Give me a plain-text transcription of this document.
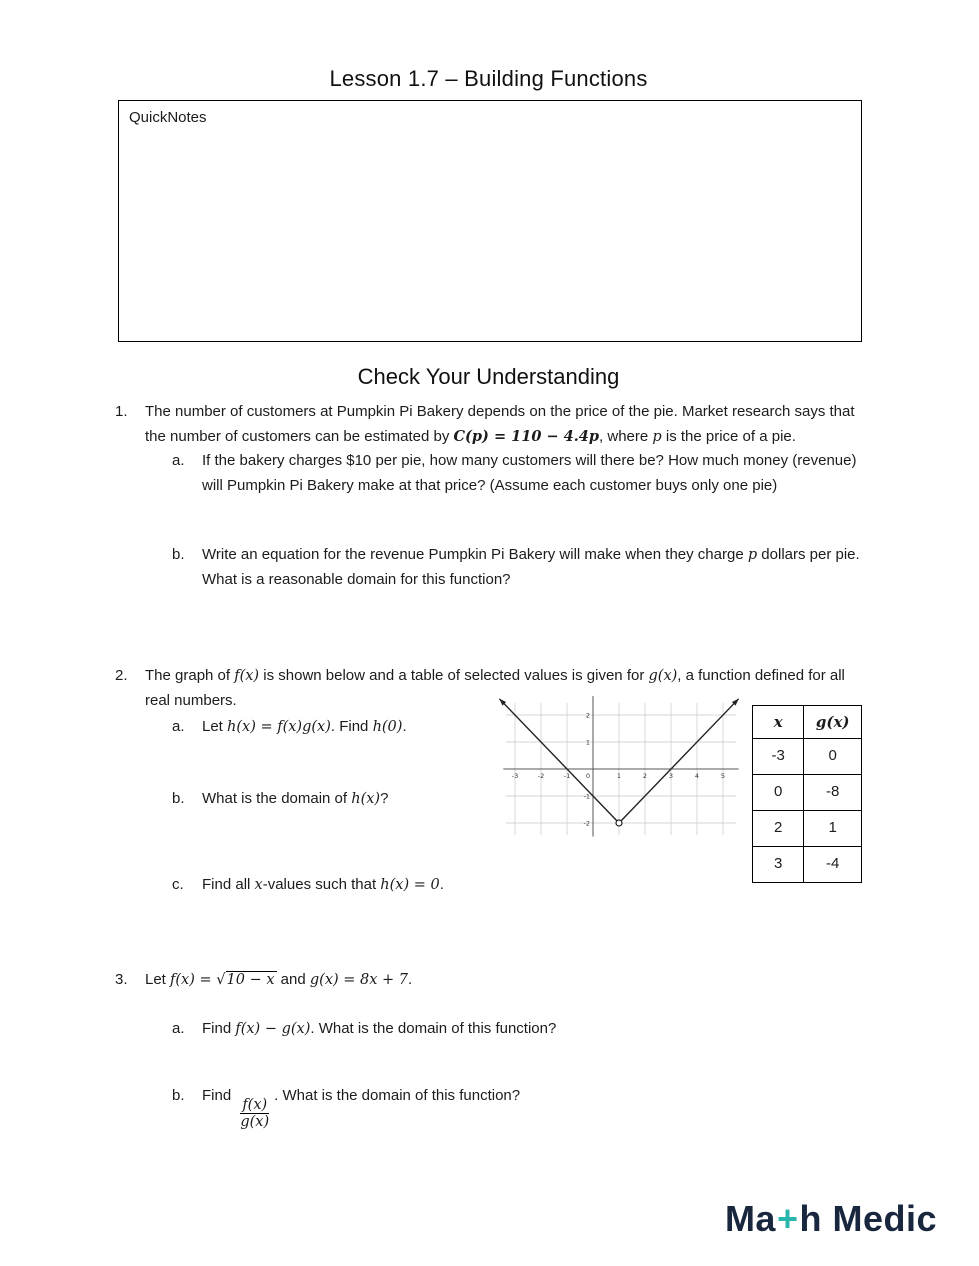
Lesson 1.7 – Building Functions
QuickNotes
Check Your Understanding
1.	The number of customers at Pumpkin Pi Bakery depends on the price of the pie. Market research says that the number of customers can be estimated by C(p) = 110 − 4.4p, where p is the price of a pie.

a.	If the bakery charges $10 per pie, how many customers will there be? How much money (revenue) will Pumpkin Pi Bakery make at that price? (Assume each customer buys only one pie)

b.	Write an equation for the revenue Pumpkin Pi Bakery will make when they charge p dollars per pie. What is a reasonable domain for this function?

2.	The graph of f(x) is shown below and a table of selected values is given for g(x), a function defined for all real numbers.

a.	Let h(x) = f(x)g(x). Find h(0).

b.	What is the domain of h(x)?

c.	Find all x-values such that h(x) = 0.

-3	-2	-1 0	1	2	3	4	5
2
1
-1
-2
x	g(x)
-3	0
0	-8
2	1
3	-4
3.	Let f(x) = √10 − x and g(x) = 8x + 7.

a.	Find f(x) − g(x). What is the domain of this function?

b.	Find
$\frac{f(x)}{g(x)}$
. What is the domain of this function?

Ma+h Medic
